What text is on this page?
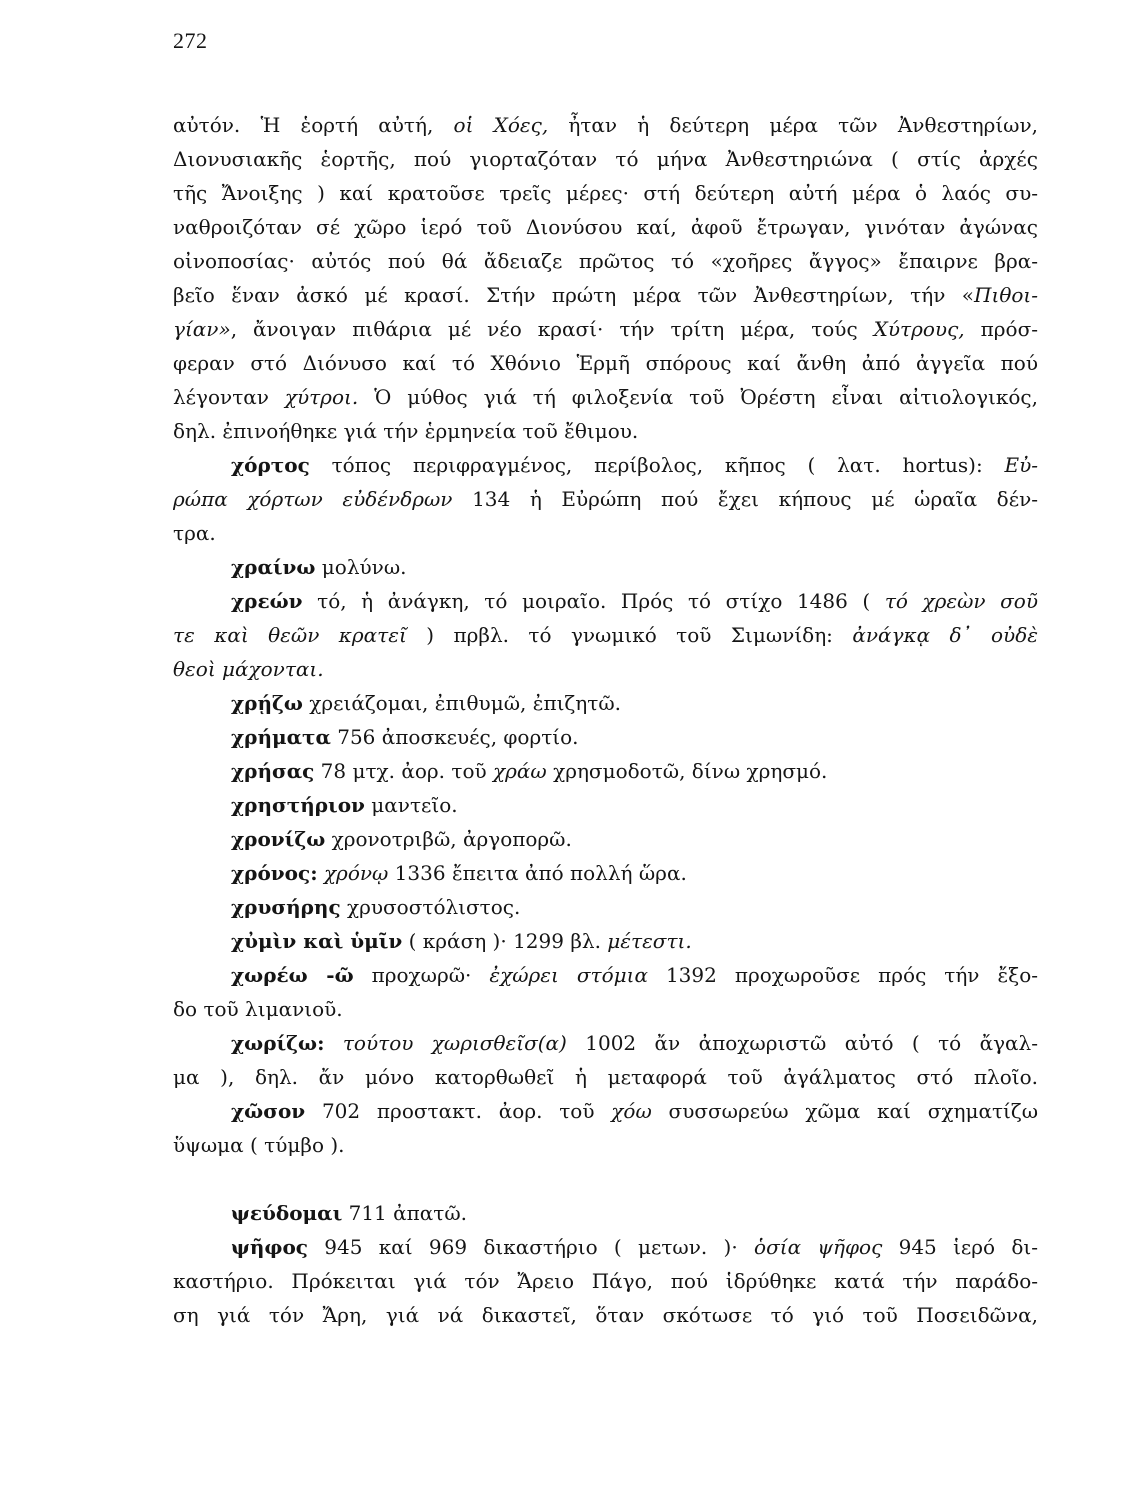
272
αὐτόν. Ἡ ἑορτή αὐτή, οἱ Χόες, ἦταν ἡ δεύτερη μέρα τῶν Ἀνθεστηρίων,
Διονυσιακῆς ἑορτῆς, πού γιορταζόταν τό μήνα Ἀνθεστηριώνα ( στίς ἀρχές
τῆς Ἄνοιξης ) καί κρατοῦσε τρεῖς μέρες· στή δεύτερη αὐτή μέρα ὁ λαός συ-
ναθροιζόταν σέ χῶρο ἱερό τοῦ Διονύσου καί, ἀφοῦ ἔτρωγαν, γινόταν ἀγώνας
οἰνοποσίας· αὐτός πού θά ἄδειαζε πρῶτος τό «χοῆρες ἄγγος» ἔπαιρνε βρα-
βεῖο ἕναν ἀσκό μέ κρασί. Στήν πρώτη μέρα τῶν Ἀνθεστηρίων, τήν «Πιθοι-
γίαν», ἄνοιγαν πιθάρια μέ νέο κρασί· τήν τρίτη μέρα, τούς Χύτρους, πρόσ-
φεραν στό Διόνυσο καί τό Χθόνιο Ἑρμῆ σπόρους καί ἄνθη ἀπό ἀγγεῖα πού
λέγονταν χύτροι. Ὁ μύθος γιά τή φιλοξενία τοῦ Ὀρέστη εἶναι αἰτιολογικός,
δηλ. ἐπινοήθηκε γιά τήν ἑρμηνεία τοῦ ἔθιμου.
χόρτος τόπος περιφραγμένος, περίβολος, κῆπος ( λατ. hortus): Εὐ-
ρώπα χόρτων εὐδένδρων 134 ἡ Εὐρώπη πού ἔχει κήπους μέ ὡραῖα δέν-
τρα.
χραίνω μολύνω.
χρεών τό, ἡ ἀνάγκη, τό μοιραῖο. Πρός τό στίχο 1486 ( τό χρεὼν σοῦ
τε καὶ θεῶν κρατεῖ ) πρβλ. τό γνωμικό τοῦ Σιμωνίδη: ἀνάγκᾳ δ᾽ οὐδὲ
θεοὶ μάχονται.
χρῄζω χρειάζομαι, ἐπιθυμῶ, ἐπιζητῶ.
χρήματα 756 ἀποσκευές, φορτίο.
χρήσας 78 μτχ. ἀορ. τοῦ χράω χρησμοδοτῶ, δίνω χρησμό.
χρηστήριον μαντεῖο.
χρονίζω χρονοτριβῶ, ἀργοπορῶ.
χρόνος: χρόνῳ 1336 ἔπειτα ἀπό πολλή ὥρα.
χρυσήρης χρυσοστόλιστος.
χὐμὶν καὶ ὑμῖν ( κράση )· 1299 βλ. μέτεστι.
χωρέω -ῶ προχωρῶ· ἐχώρει στόμια 1392 προχωροῦσε πρός τήν ἔξο-
δο τοῦ λιμανιοῦ.
χωρίζω: τούτου χωρισθεῖσ(α) 1002 ἄν ἀποχωριστῶ αὐτό ( τό ἄγαλ-
μα ), δηλ. ἄν μόνο κατορθωθεῖ ἡ μεταφορά τοῦ ἀγάλματος στό πλοῖο.
χῶσον 702 προστακτ. ἀορ. τοῦ χόω συσσωρεύω χῶμα καί σχηματίζω
ὕψωμα ( τύμβο ).
ψεύδομαι 711 ἀπατῶ.
ψῆφος 945 καί 969 δικαστήριο ( μετων. )· ὁσία ψῆφος 945 ἱερό δι-
καστήριο. Πρόκειται γιά τόν Ἄρειο Πάγο, πού ἱδρύθηκε κατά τήν παράδο-
ση γιά τόν Ἄρη, γιά νά δικαστεῖ, ὅταν σκότωσε τό γιό τοῦ Ποσειδῶνα,
